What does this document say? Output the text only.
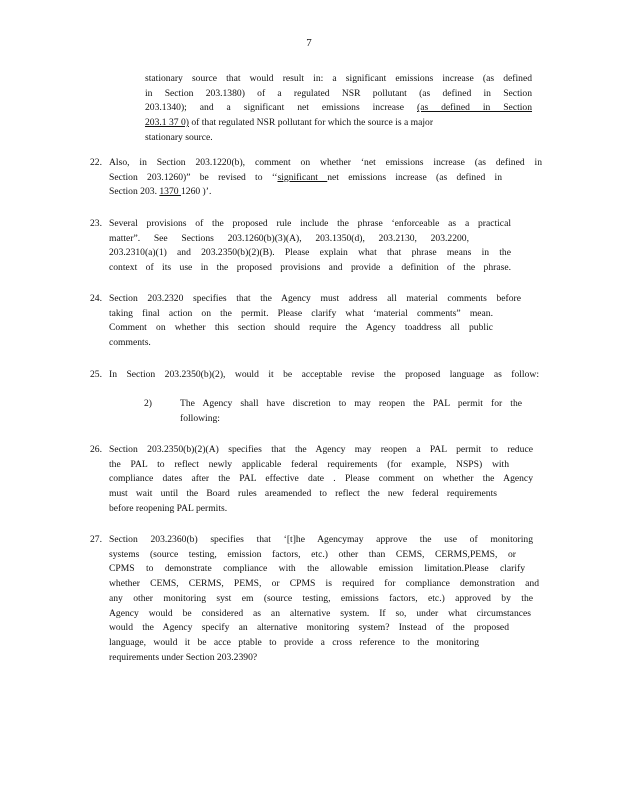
7
stationary source that would result in: a significant emissions increase (as defined
in Section 203.1380) of a regulated NSR pollutant (as defined in Section
203.1340); and a significant net emissions increase (as defined in Section
203.1 37 0) of that regulated NSR pollutant for which the source is a major
stationary source.
22. Also, in Section 203.1220(b), comment on whether ‘net emissions increase (as defined in
Section 203.1260)” be revised to ‘‘significant net emissions increase (as defined in
Section 203. 1370 1260 )’.
23. Several provisions of the proposed rule include the phrase ‘enforceable as a practical
matter”. See Sections 203.1260(b)(3)(A), 203.1350(d), 203.2130, 203.2200,
203.2310(a)(1) and 203.2350(b)(2)(B). Please explain what that phrase means in the
context of its use in the proposed provisions and provide a definition of the phrase.
24. Section 203.2320 specifies that the Agency must address all material comments before
taking final action on the permit. Please clarify what ‘material comments” mean.
Comment on whether this section should require the Agency toaddress all public
comments.
25. In Section 203.2350(b)(2), would it be acceptable revise the proposed language as follow:
2)	The Agency shall have discretion to may reopen the PAL permit for the
following:
26. Section 203.2350(b)(2)(A) specifies that the Agency may reopen a PAL permit to reduce
the PAL to reflect newly applicable federal requirements (for example, NSPS) with
compliance dates after the PAL effective date . Please comment on whether the Agency
must wait until the Board rules areamended to reflect the new federal requirements
before reopening PAL permits.
27. Section 203.2360(b) specifies that ‘[t]he Agencymay approve the use of monitoring
systems (source testing, emission factors, etc.) other than CEMS, CERMS,PEMS, or
CPMS to demonstrate compliance with the allowable emission limitation.Please clarify
whether CEMS, CERMS, PEMS, or CPMS is required for compliance demonstration and
any other monitoring syst em (source testing, emissions factors, etc.) approved by the
Agency would be considered as an alternative system. If so, under what circumstances
would the Agency specify an alternative monitoring system? Instead of the proposed
language, would it be acce ptable to provide a cross reference to the monitoring
requirements under Section 203.2390?
